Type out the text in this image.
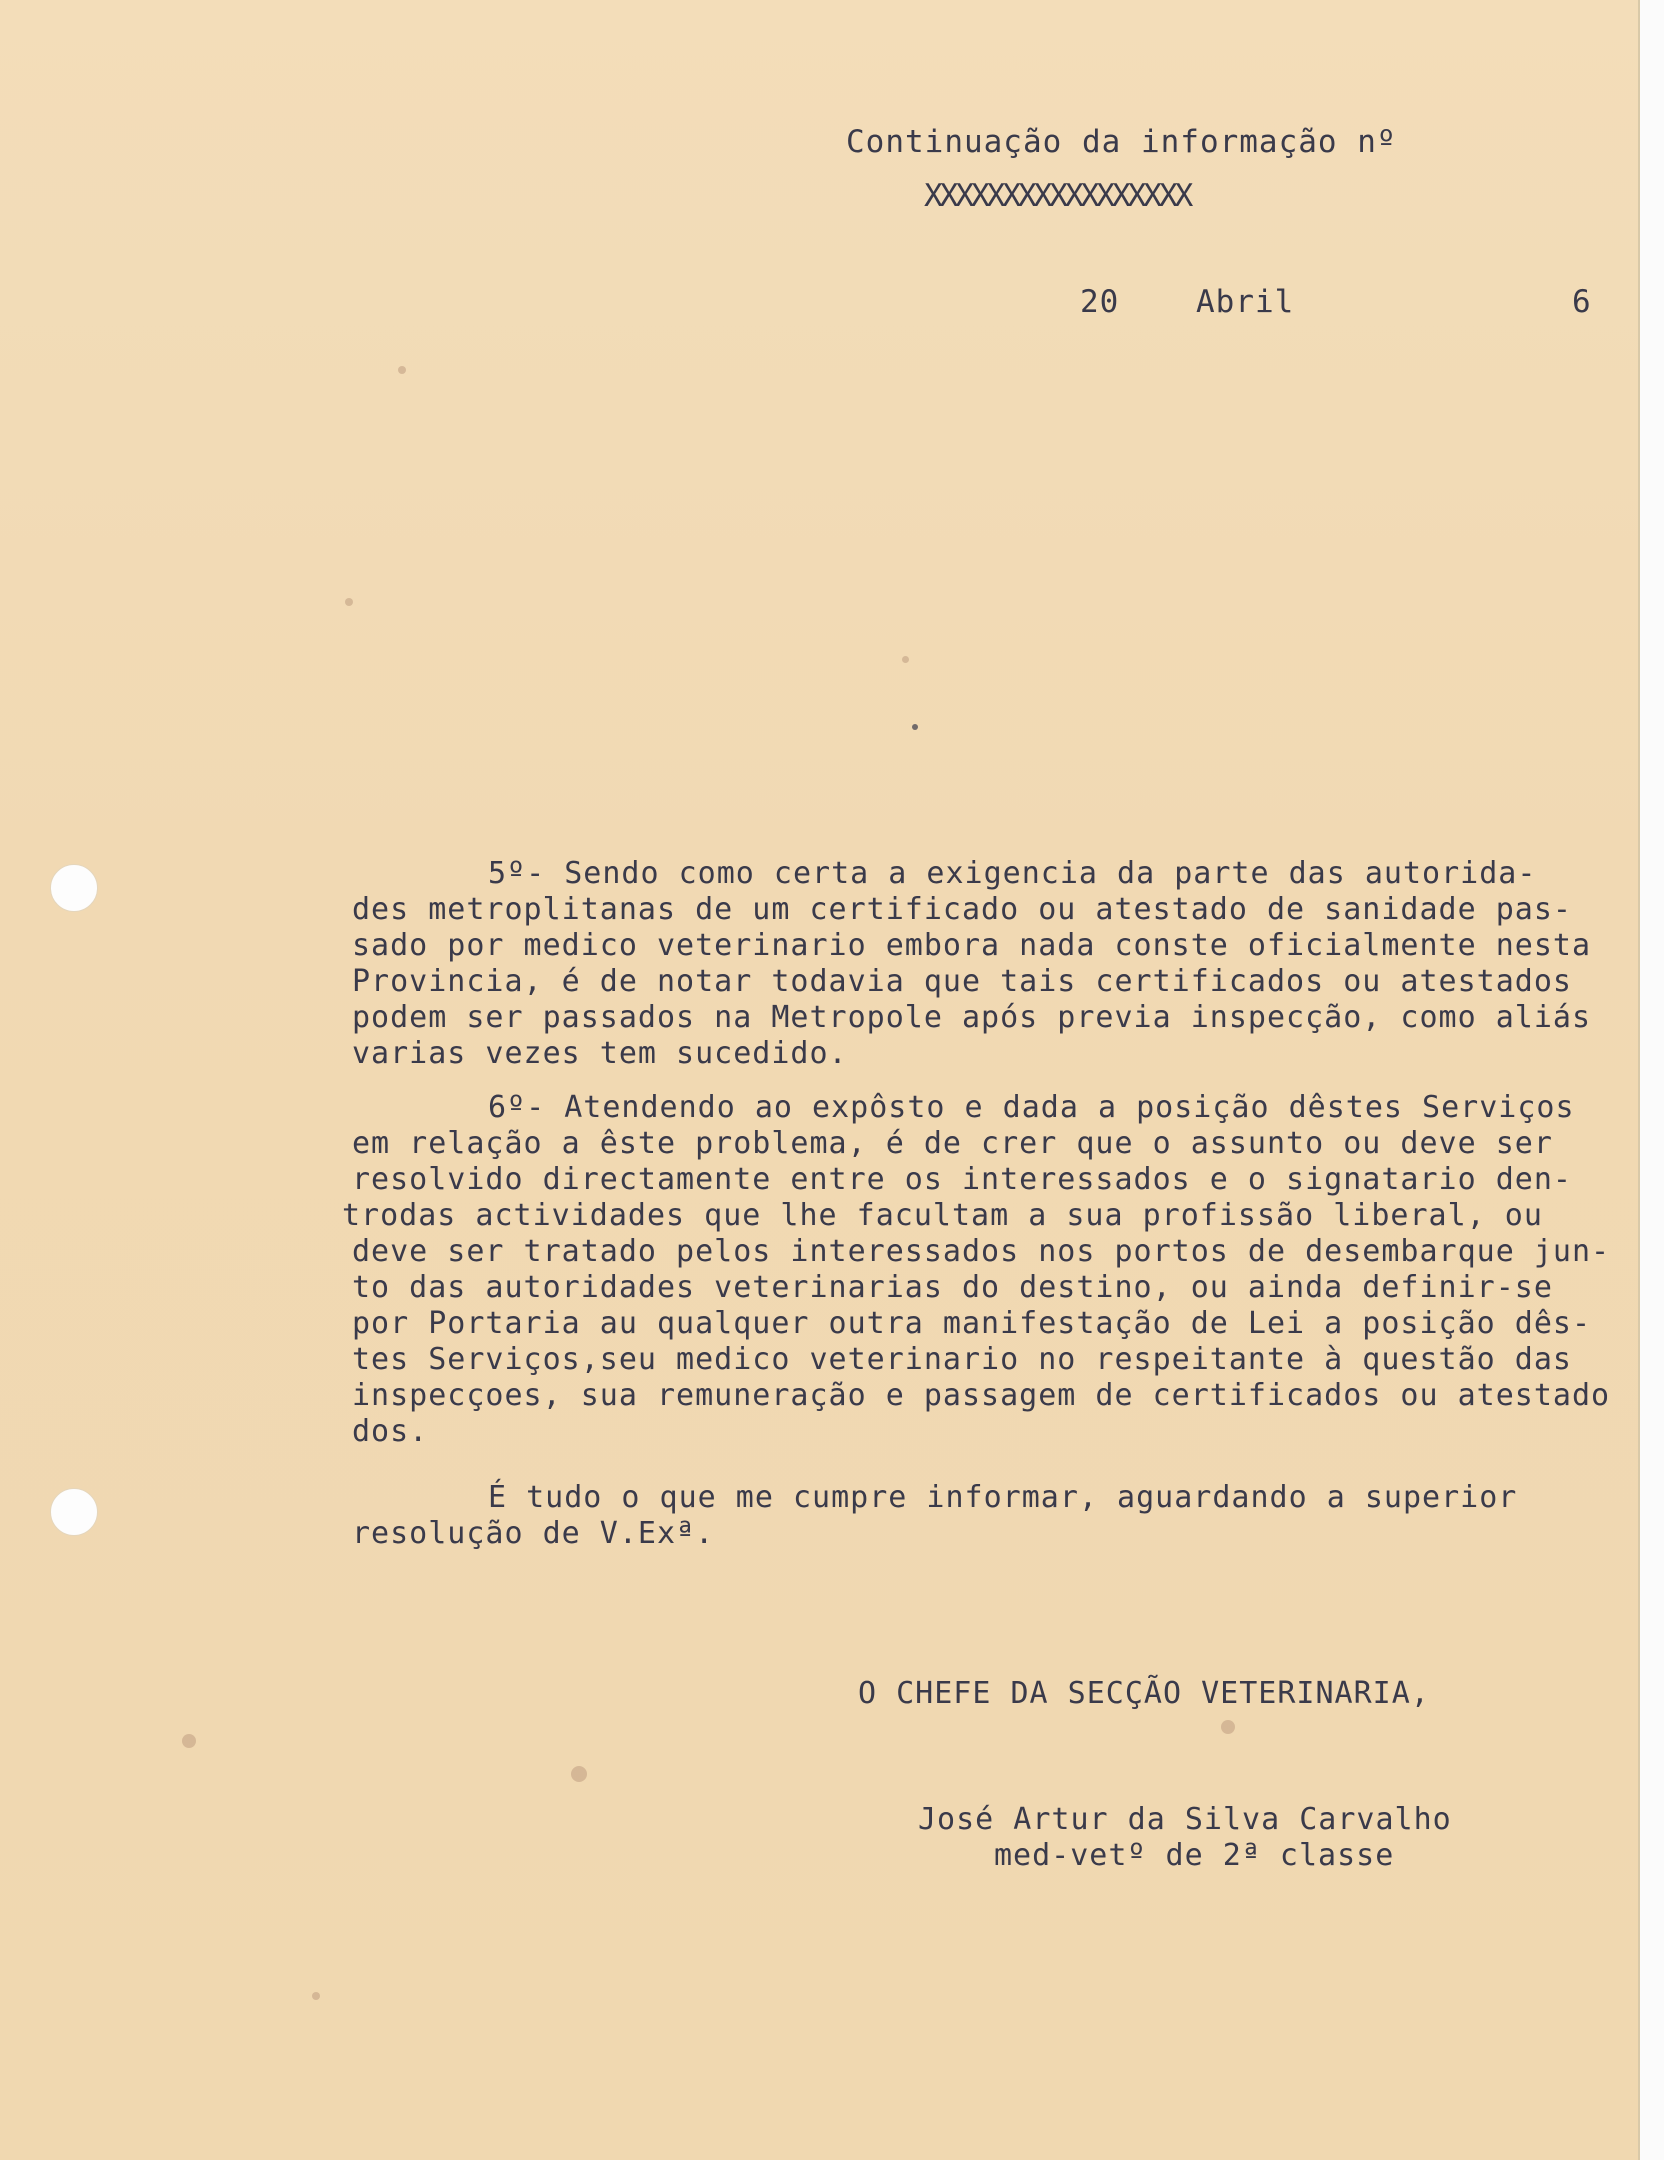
Continuação da informação nº
XXXXXXXXXXXXXXXXX
20 Abril	6
5º- Sendo como certa a exigencia da parte das autorida-
des metroplitanas de um certificado ou atestado de sanidade pas-
sado por medico veterinario embora nada conste oficialmente nesta
Provincia, é de notar todavia que tais certificados ou atestados
podem ser passados na Metropole após previa inspecção, como aliás
varias vezes tem sucedido.
6º- Atendendo ao expôsto e dada a posição dêstes Serviços
em relação a êste problema, é de crer que o assunto ou deve ser
resolvido directamente entre os interessados e o signatario den-
trodas actividades que lhe facultam a sua profissão liberal, ou
deve ser tratado pelos interessados nos portos de desembarque jun-
to das autoridades veterinarias do destino, ou ainda definir-se
por Portaria au qualquer outra manifestação de Lei a posição dês-
tes Serviços,seu medico veterinario no respeitante à questão das
inspecçoes, sua remuneração e passagem de certificados ou atestado
dos.
É tudo o que me cumpre informar, aguardando a superior
resolução de V.Exª.
O CHEFE DA SECÇÃO VETERINARIA,
José Artur da Silva Carvalho
med-vetº de 2ª classe
